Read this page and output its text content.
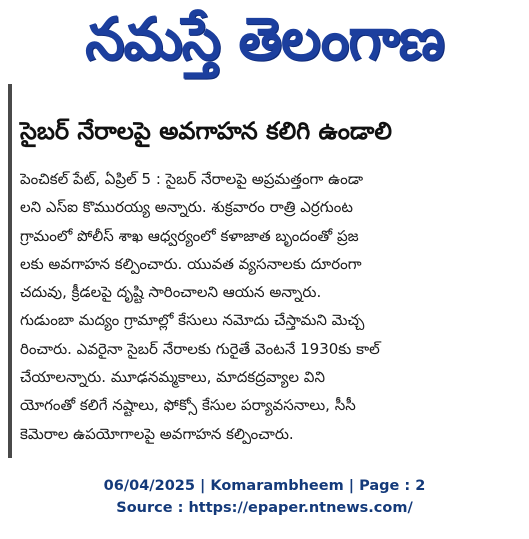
నమస్తే తెలంగాణ
సైబర్ నేరాలపై అవగాహన కలిగి ఉండాలి
పెంచికల్ పేట్, ఏప్రిల్ 5 : సైబర్ నేరాలపై అప్రమత్తంగా ఉండా
లని ఎస్ఐ కొమురయ్య అన్నారు. శుక్రవారం రాత్రి ఎర్రగుంట
గ్రామంలో పోలీస్ శాఖ ఆధ్వర్యంలో కళాజాత బృందంతో ప్రజ
లకు అవగాహన కల్పించారు. యువత వ్యసనాలకు దూరంగా
చదువు, క్రీడలపై దృష్టి సారించాలని ఆయన అన్నారు.
గుడుంబా మద్యం గ్రామాల్లో కేసులు నమోదు చేస్తామని మెచ్చ
రించారు. ఎవరైనా సైబర్ నేరాలకు గురైతే వెంటనే 1930కు కాల్
చేయాలన్నారు. మూఢనమ్మకాలు, మాదకద్రవ్యాల విని
యోగంతో కలిగే నష్టాలు, ఫోక్సో కేసుల పర్యావసనాలు, సీసీ
కెమెరాల ఉపయోగాలపై అవగాహన కల్పించారు.
06/04/2025 | Komarambheem | Page : 2
Source : https://epaper.ntnews.com/
